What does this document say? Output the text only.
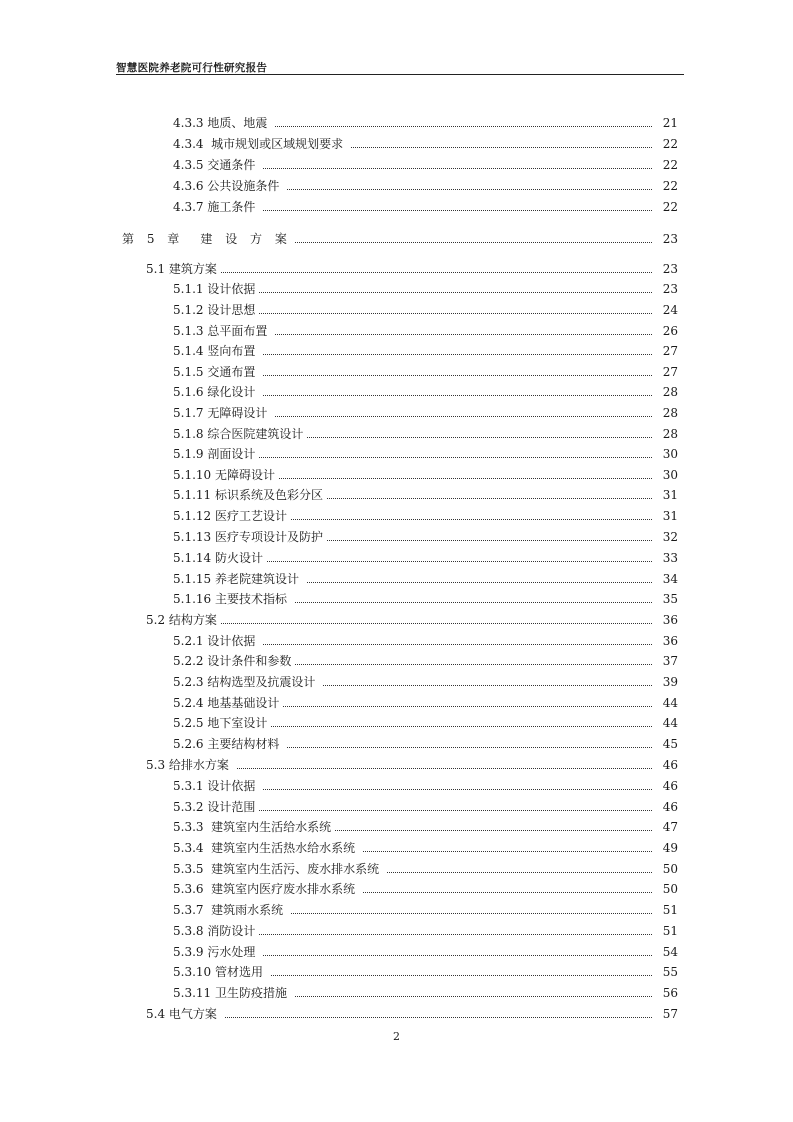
智慧医院养老院可行性研究报告
4.3.3 地质、地震	21
4.3.4  城市规划或区域规划要求	22
4.3.5 交通条件	22
4.3.6 公共设施条件	22
4.3.7 施工条件	22
第 5 章  建 设 方 案	23
5.1 建筑方案	23
5.1.1 设计依据	23
5.1.2 设计思想	24
5.1.3 总平面布置	26
5.1.4 竖向布置	27
5.1.5 交通布置	27
5.1.6 绿化设计	28
5.1.7 无障碍设计	28
5.1.8 综合医院建筑设计	28
5.1.9 剖面设计	30
5.1.10 无障碍设计	30
5.1.11 标识系统及色彩分区	31
5.1.12 医疗工艺设计	31
5.1.13 医疗专项设计及防护	32
5.1.14 防火设计	33
5.1.15 养老院建筑设计	34
5.1.16 主要技术指标	35
5.2 结构方案	36
5.2.1 设计依据	36
5.2.2 设计条件和参数	37
5.2.3 结构选型及抗震设计	39
5.2.4 地基基础设计	44
5.2.5 地下室设计	44
5.2.6 主要结构材料	45
5.3 给排水方案	46
5.3.1 设计依据	46
5.3.2 设计范围	46
5.3.3  建筑室内生活给水系统	47
5.3.4  建筑室内生活热水给水系统	49
5.3.5  建筑室内生活污、废水排水系统	50
5.3.6  建筑室内医疗废水排水系统	50
5.3.7  建筑雨水系统	51
5.3.8 消防设计	51
5.3.9 污水处理	54
5.3.10 管材选用	55
5.3.11 卫生防疫措施	56
5.4 电气方案	57
2
